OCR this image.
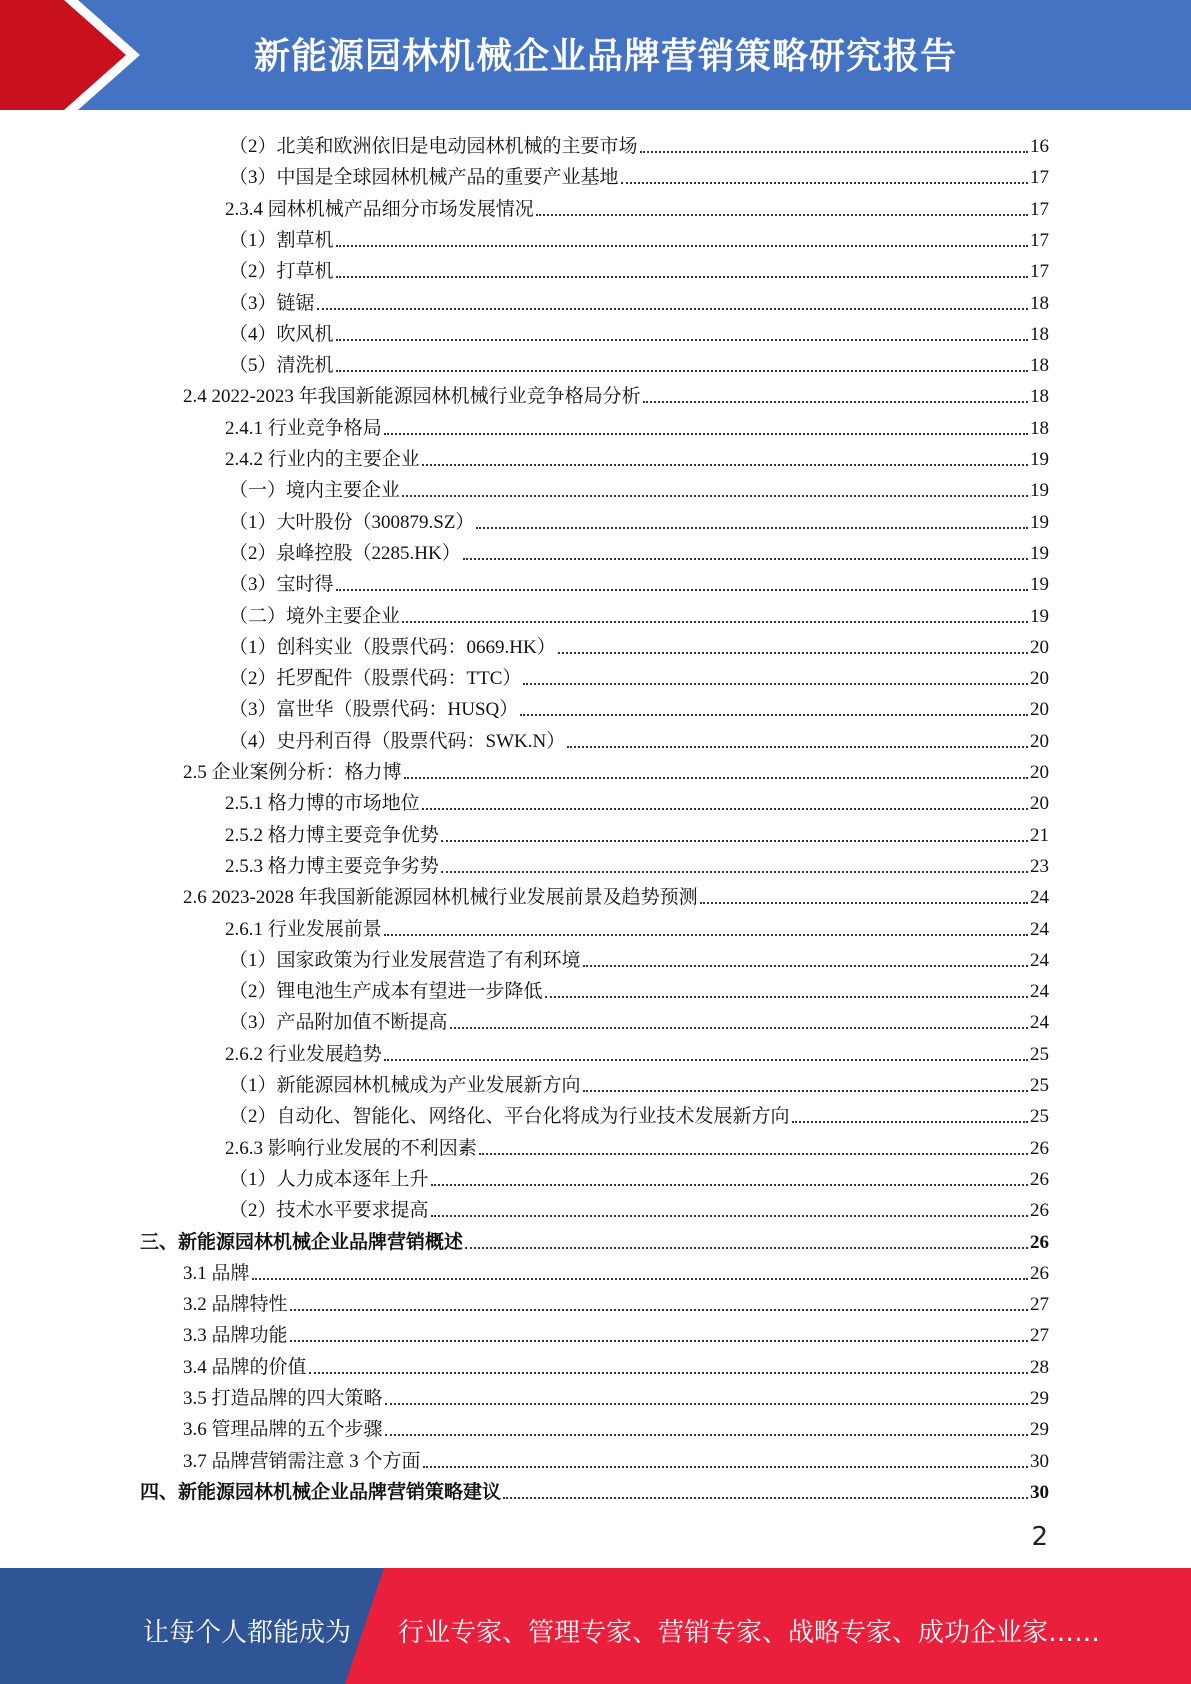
新能源园林机械企业品牌营销策略研究报告
（2）北美和欧洲依旧是电动园林机械的主要市场	16
（3）中国是全球园林机械产品的重要产业基地	17
2.3.4 园林机械产品细分市场发展情况	17
（1）割草机	17
（2）打草机	17
（3）链锯	18
（4）吹风机	18
（5）清洗机	18
2.4 2022-2023 年我国新能源园林机械行业竞争格局分析	18
2.4.1 行业竞争格局	18
2.4.2 行业内的主要企业	19
（一）境内主要企业	19
（1）大叶股份（300879.SZ）	19
（2）泉峰控股（2285.HK）	19
（3）宝时得	19
（二）境外主要企业	19
（1）创科实业（股票代码：0669.HK）	20
（2）托罗配件（股票代码：TTC）	20
（3）富世华（股票代码：HUSQ）	20
（4）史丹利百得（股票代码：SWK.N）	20
2.5 企业案例分析：格力博	20
2.5.1 格力博的市场地位	20
2.5.2 格力博主要竞争优势	21
2.5.3 格力博主要竞争劣势	23
2.6 2023-2028 年我国新能源园林机械行业发展前景及趋势预测	24
2.6.1 行业发展前景	24
（1）国家政策为行业发展营造了有利环境	24
（2）锂电池生产成本有望进一步降低	24
（3）产品附加值不断提高	24
2.6.2 行业发展趋势	25
（1）新能源园林机械成为产业发展新方向	25
（2）自动化、智能化、网络化、平台化将成为行业技术发展新方向	25
2.6.3 影响行业发展的不利因素	26
（1）人力成本逐年上升	26
（2）技术水平要求提高	26
三、新能源园林机械企业品牌营销概述	26
3.1 品牌	26
3.2 品牌特性	27
3.3 品牌功能	27
3.4 品牌的价值	28
3.5 打造品牌的四大策略	29
3.6 管理品牌的五个步骤	29
3.7 品牌营销需注意 3 个方面	30
四、新能源园林机械企业品牌营销策略建议	30
2
让每个人都能成为 行业专家、管理专家、营销专家、战略专家、成功企业家……
